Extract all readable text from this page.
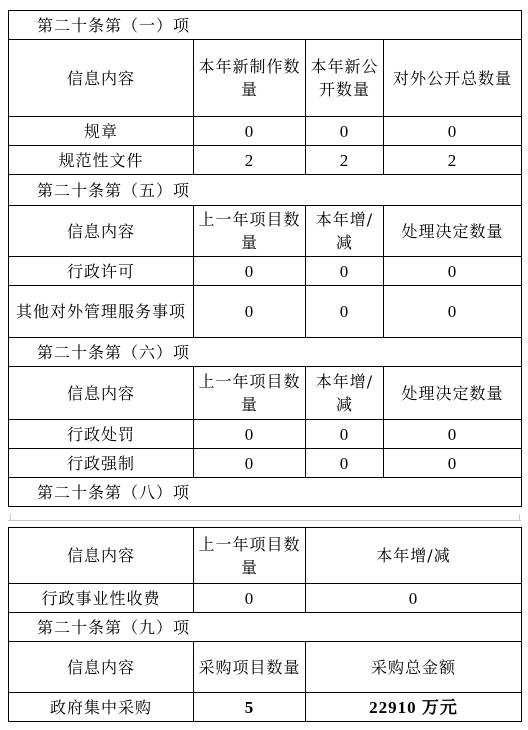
第二十条第（一）项			
信息内容	本年新制作数量	本年新公开数量	对外公开总数量
规章	0	0	0
规范性文件	2	2	2
第二十条第（五）项			
信息内容	上一年项目数量	本年增/减	处理决定数量
行政许可	0	0	0
其他对外管理服务事项	0	0	0
第二十条第（六）项			
信息内容	上一年项目数量	本年增/减	处理决定数量
行政处罚	0	0	0
行政强制	0	0	0
第二十条第（八）项			
信息内容	上一年项目数量	本年增/减
行政事业性收费	0	0
第二十条第（九）项		
信息内容	采购项目数量	采购总金额
政府集中采购	5	22910 万元
